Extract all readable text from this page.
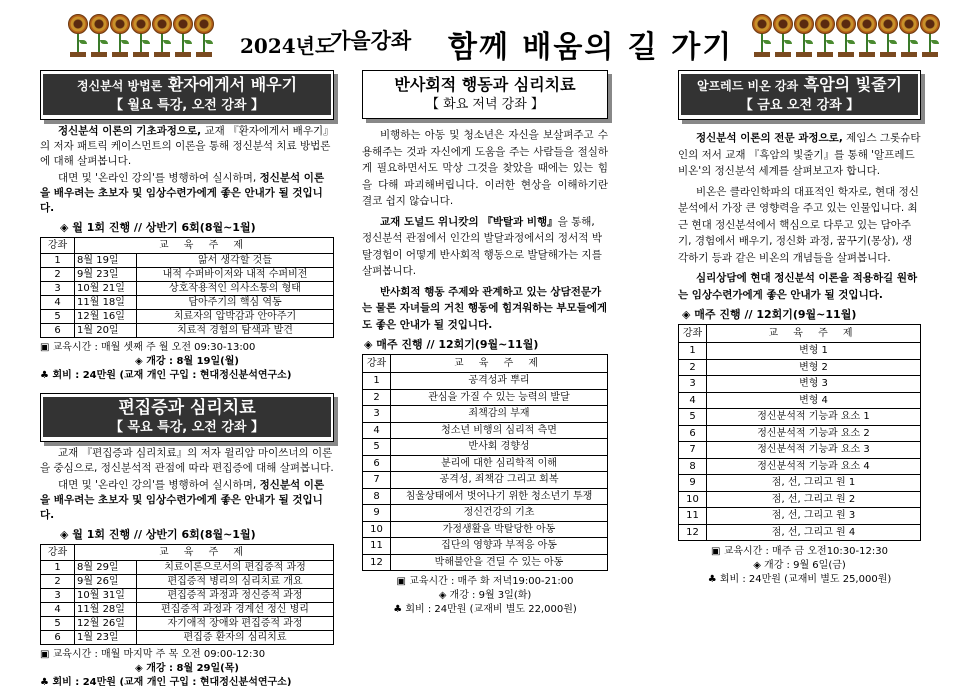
2024년도
가을강좌 함께 배움의 길 가기
정신분석 방법론 환자에게서 배우기
【 월요 특강, 오전 강좌 】

정신분석 이론의 기초과정으로, 교재 『환자에게서 배우기』의 저자 패트릭 케이스먼트의 이론을 통해 정신분석 치료 방법론에 대해 살펴봅니다.

대면 및 '온라인 강의'를 병행하여 실시하며, 정신분석 이론을 배우려는 초보자 및 임상수련가에게 좋은 안내가 될 것입니다.

◈ 월 1회 진행 // 상반기 6회(8월~1월)
강좌	교 육 주 제	
1	8월 19일	앎서 생각할 것들
2	9월 23일	내적 수퍼바이저와 내적 수퍼비전
3	10월 21일	상호작용적인 의사소통의 형태
4	11월 18일	담아주기의 핵심 역동
5	12월 16일	치료자의 압박감과 안아주기
6	1월 20일	치료적 경험의 탐색과 발견
▣ 교육시간 : 매월 셋째 주 월 오전 09:30-13:00
◈ 개강 : 8월 19일(월)
♣ 회비 : 24만원 (교재 개인 구입 : 현대정신분석연구소)
편집증과 심리치료
【 목요 특강, 오전 강좌 】

교재 『편집증과 심리치료』의 저자 윌리암 마이쓰너의 이론을 중심으로, 정신분석적 관점에 따라 편집증에 대해 살펴봅니다.

대면 및 '온라인 강의'를 병행하여 실시하며, 정신분석 이론을 배우려는 초보자 및 임상수련가에게 좋은 안내가 될 것입니다.

◈ 월 1회 진행 // 상반기 6회(8월~1월)
강좌	교 육 주 제	
1	8월 29일	치료이론으로서의 편집증적 과정
2	9월 26일	편집증적 병리의 심리치료 개요
3	10월 31일	편집증적 과정과 정신증적 과정
4	11월 28일	편집증적 과정과 경계선 정신 병리
5	12월 26일	자기애적 장애와 편집증적 과정
6	1월 23일	편집증 환자의 심리치료
▣ 교육시간 : 매월 마지막 주 목 오전 09:00-12:30
◈ 개강 : 8월 29일(목)
♣ 회비 : 24만원 (교재 개인 구입 : 현대정신분석연구소)
반사회적 행동과 심리치료
【 화요 저녁 강좌 】

비행하는 아동 및 청소년은 자신을 보살펴주고 수용해주는 것과 자신에게 도움을 주는 사람들을 절실하게 필요하면서도 막상 그것을 찾았을 때에는 있는 힘을 다해 파괴해버립니다. 이러한 현상을 이해하기란 결코 쉽지 않습니다.

교재 도널드 위니캇의 『박탈과 비행』을 통해, 정신분석 관점에서 인간의 발달과정에서의 정서적 박탈경험이 어떻게 반사회적 행동으로 발달해가는 지를 살펴봅니다.

반사회적 행동 주제와 관계하고 있는 상담전문가는 물론 자녀들의 거친 행동에 힘겨워하는 부모들에게도 좋은 안내가 될 것입니다.

◈ 매주 진행 // 12회기(9월~11월)
강좌	교 육 주 제
1	공격성과 뿌리
2	관심을 가질 수 있는 능력의 발달
3	죄책감의 부재
4	청소년 비행의 심리적 측면
5	반사회 경향성
6	분리에 대한 심리학적 이해
7	공격성, 죄책감 그리고 회복
8	침울상태에서 벗어나기 위한 청소년기 투쟁
9	정신건강의 기초
10	가정생활을 박탈당한 아동
11	집단의 영향과 부적응 아동
12	박해불안을 견딜 수 있는 아동
▣ 교육시간 : 매주 화 저녁19:00-21:00
◈ 개강 : 9월 3일(화)
♣ 회비 : 24만원 (교재비 별도 22,000원)
알프레드 비온 강좌 흑암의 빛줄기
【 금요 오전 강좌 】

정신분석 이론의 전문 과정으로, 제임스 그롯슈타인의 저서 교재 『흑암의 빛줄기』를 통해 '알프레드 비온'의 정신분석 세계를 살펴보고자 합니다.

비온은 클라인학파의 대표적인 학자로, 현대 정신분석에서 가장 큰 영향력을 주고 있는 인물입니다. 최근 현대 정신분석에서 핵심으로 다루고 있는 담아주기, 경험에서 배우기, 정신화 과정, 꿈꾸기(몽상), 생각하기 등과 같은 비온의 개념들을 살펴봅니다.

심리상담에 현대 정신분석 이론을 적용하길 원하는 임상수련가에게 좋은 안내가 될 것입니다.

◈ 매주 진행 // 12회기(9월~11월)
강좌	교 육 주 제
1	변형 1
2	변형 2
3	변형 3
4	변형 4
5	정신분석적 기능과 요소 1
6	정신분석적 기능과 요소 2
7	정신분석적 기능과 요소 3
8	정신분석적 기능과 요소 4
9	점, 선, 그리고 원 1
10	점, 선, 그리고 원 2
11	점, 선, 그리고 원 3
12	점, 선, 그리고 원 4
▣ 교육시간 : 매주 금 오전10:30-12:30
◈ 개강 : 9월 6일(금)
♣ 회비 : 24만원 (교재비 별도 25,000원)
